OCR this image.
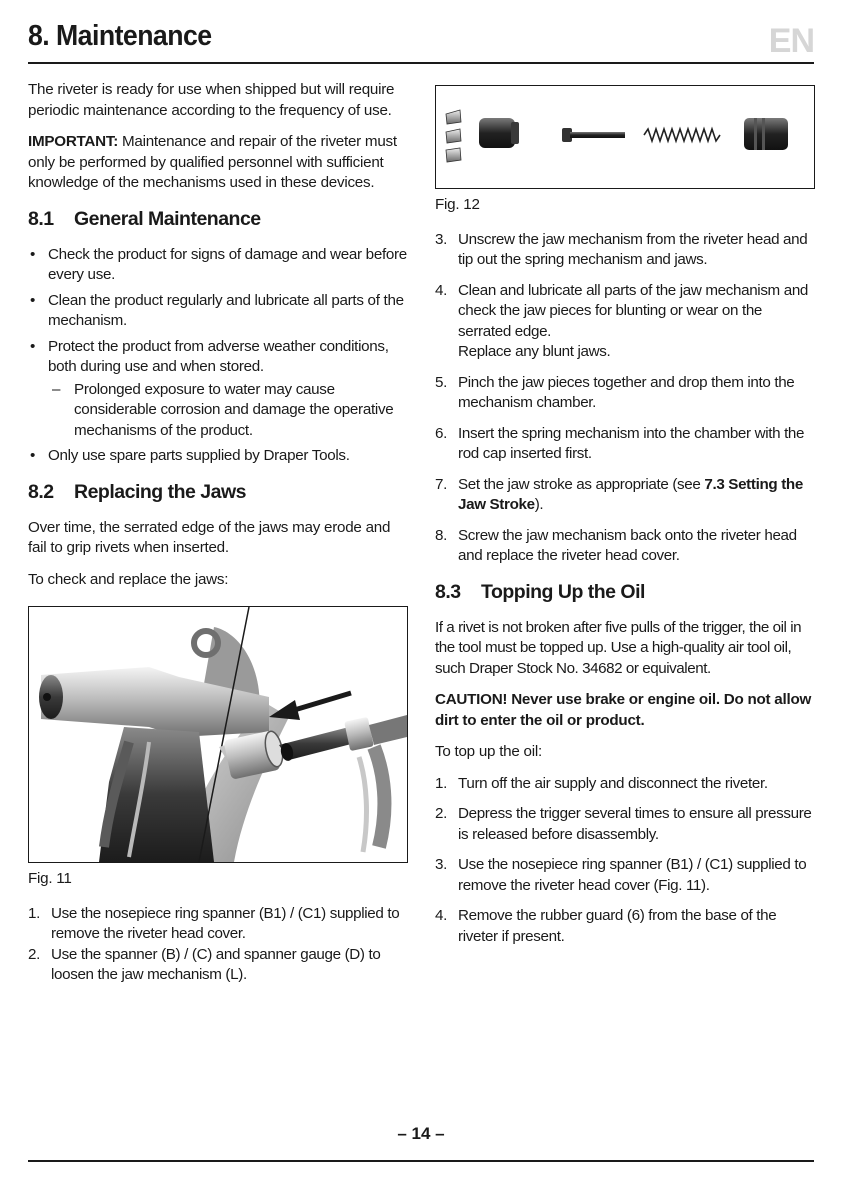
8. Maintenance	EN

The riveter is ready for use when shipped but will require periodic maintenance according to the frequency of use.

IMPORTANT: Maintenance and repair of the riveter must only be performed by qualified personnel with sufficient knowledge of the mechanisms used in these devices.

8.1 General Maintenance
• Check the product for signs of damage and wear before every use.
• Clean the product regularly and lubricate all parts of the mechanism.
• Protect the product from adverse weather conditions, both during use and when stored.
– Prolonged exposure to water may cause considerable corrosion and damage the operative mechanisms of the product.
• Only use spare parts supplied by Draper Tools.
8.2 Replacing the Jaws

Over time, the serrated edge of the jaws may erode and fail to grip rivets when inserted.

To check and replace the jaws:

Fig. 11

1. Use the nosepiece ring spanner (B1) / (C1) supplied to remove the riveter head cover.
2. Use the spanner (B) / (C) and spanner gauge (D) to loosen the jaw mechanism (L).

Fig. 12

3. Unscrew the jaw mechanism from the riveter head and tip out the spring mechanism and jaws.
4. Clean and lubricate all parts of the jaw mechanism and check the jaw pieces for blunting or wear on the serrated edge.
Replace any blunt jaws.
5. Pinch the jaw pieces together and drop them into the mechanism chamber.
6. Insert the spring mechanism into the chamber with the rod cap inserted first.
7. Set the jaw stroke as appropriate (see 7.3 Setting the Jaw Stroke).
8. Screw the jaw mechanism back onto the riveter head and replace the riveter head cover.
8.3 Topping Up the Oil

If a rivet is not broken after five pulls of the trigger, the oil in the tool must be topped up. Use a high-quality air tool oil, such Draper Stock No. 34682 or equivalent.

CAUTION! Never use brake or engine oil. Do not allow dirt to enter the oil or product.

To top up the oil:

1. Turn off the air supply and disconnect the riveter.
2. Depress the trigger several times to ensure all pressure is released before disassembly.
3. Use the nosepiece ring spanner (B1) / (C1) supplied to remove the riveter head cover (Fig. 11).
4. Remove the rubber guard (6) from the base of the riveter if present.
– 14 –
